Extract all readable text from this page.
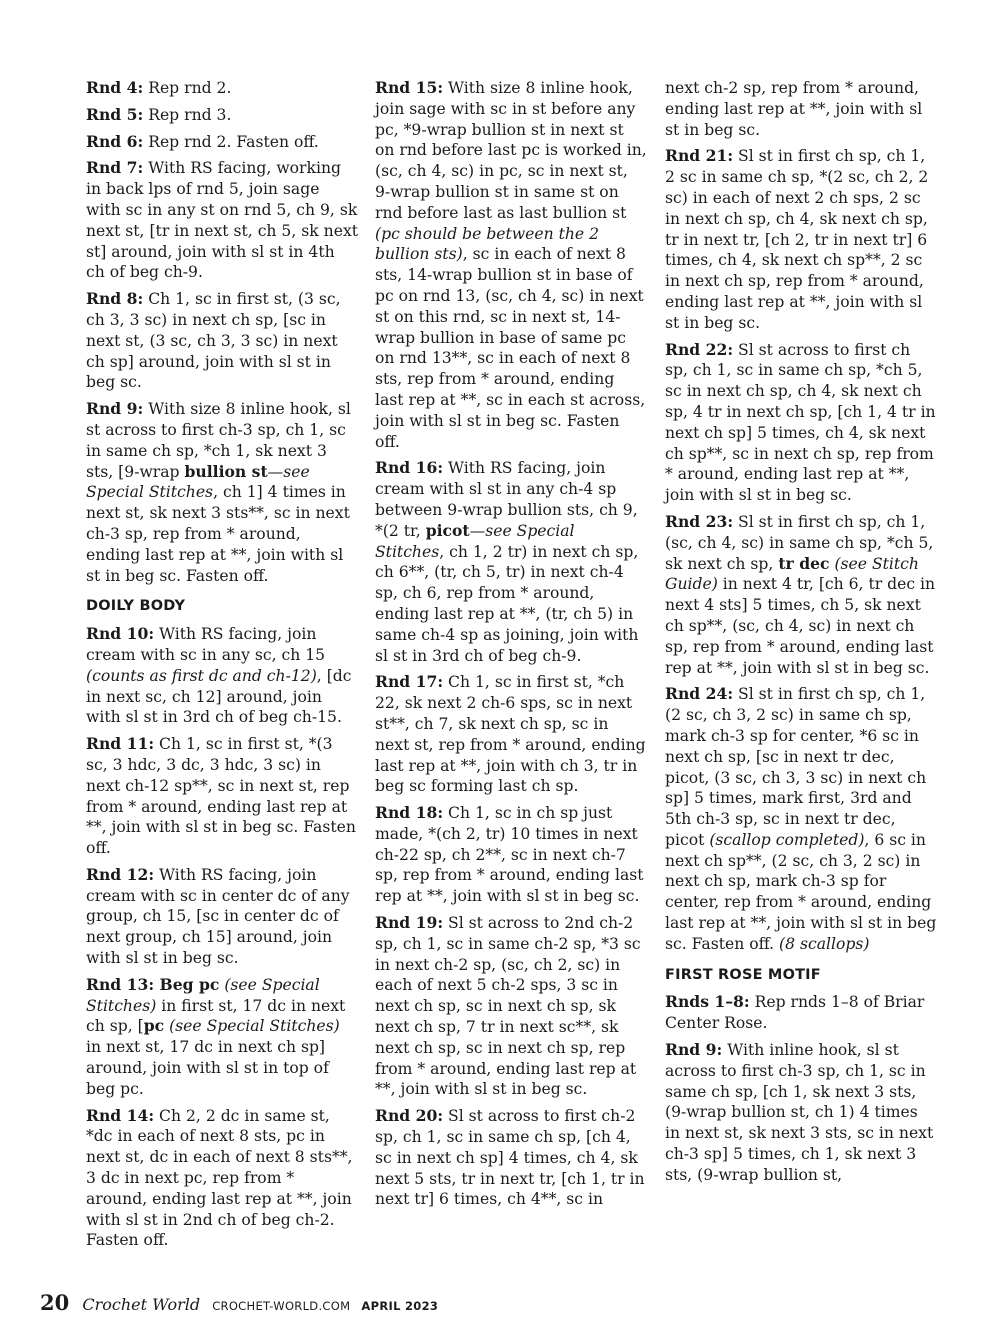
Rnd 4: Rep rnd 2.

Rnd 5: Rep rnd 3.

Rnd 6: Rep rnd 2. Fasten off.

Rnd 7: With RS facing, working in back lps of rnd 5, join sage with sc in any st on rnd 5, ch 9, sk next st, [tr in next st, ch 5, sk next st] around, join with sl st in 4th ch of beg ch-9.

Rnd 8: Ch 1, sc in first st, (3 sc, ch 3, 3 sc) in next ch sp, [sc in next st, (3 sc, ch 3, 3 sc) in next ch sp] around, join with sl st in beg sc.

Rnd 9: With size 8 inline hook, sl st across to first ch-3 sp, ch 1, sc in same ch sp, *ch 1, sk next 3 sts, [9-wrap bullion st—see Special Stitches, ch 1] 4 times in next st, sk next 3 sts**, sc in next ch-3 sp, rep from * around, ending last rep at **, join with sl st in beg sc. Fasten off.

DOILY BODY

Rnd 10: With RS facing, join cream with sc in any sc, ch 15 (counts as first dc and ch-12), [dc in next sc, ch 12] around, join with sl st in 3rd ch of beg ch-15.

Rnd 11: Ch 1, sc in first st, *(3 sc, 3 hdc, 3 dc, 3 hdc, 3 sc) in next ch-12 sp**, sc in next st, rep from * around, ending last rep at **, join with sl st in beg sc. Fasten off.

Rnd 12: With RS facing, join cream with sc in center dc of any group, ch 15, [sc in center dc of next group, ch 15] around, join with sl st in beg sc.

Rnd 13: Beg pc (see Special Stitches) in first st, 17 dc in next ch sp, [pc (see Special Stitches) in next st, 17 dc in next ch sp] around, join with sl st in top of beg pc.

Rnd 14: Ch 2, 2 dc in same st, *dc in each of next 8 sts, pc in next st, dc in each of next 8 sts**, 3 dc in next pc, rep from * around, ending last rep at **, join with sl st in 2nd ch of beg ch-2. Fasten off.

Rnd 15: With size 8 inline hook, join sage with sc in st before any pc, *9-wrap bullion st in next st on rnd before last pc is worked in, (sc, ch 4, sc) in pc, sc in next st, 9-wrap bullion st in same st on rnd before last as last bullion st (pc should be between the 2 bullion sts), sc in each of next 8 sts, 14-wrap bullion st in base of pc on rnd 13, (sc, ch 4, sc) in next st on this rnd, sc in next st, 14-wrap bullion in base of same pc on rnd 13**, sc in each of next 8 sts, rep from * around, ending last rep at **, sc in each st across, join with sl st in beg sc. Fasten off.

Rnd 16: With RS facing, join cream with sl st in any ch-4 sp between 9-wrap bullion sts, ch 9, *(2 tr, picot—see Special Stitches, ch 1, 2 tr) in next ch sp, ch 6**, (tr, ch 5, tr) in next ch-4 sp, ch 6, rep from * around, ending last rep at **, (tr, ch 5) in same ch-4 sp as joining, join with sl st in 3rd ch of beg ch-9.

Rnd 17: Ch 1, sc in first st, *ch 22, sk next 2 ch-6 sps, sc in next st**, ch 7, sk next ch sp, sc in next st, rep from * around, ending last rep at **, join with ch 3, tr in beg sc forming last ch sp.

Rnd 18: Ch 1, sc in ch sp just made, *(ch 2, tr) 10 times in next ch-22 sp, ch 2**, sc in next ch-7 sp, rep from * around, ending last rep at **, join with sl st in beg sc.

Rnd 19: Sl st across to 2nd ch-2 sp, ch 1, sc in same ch-2 sp, *3 sc in next ch-2 sp, (sc, ch 2, sc) in each of next 5 ch-2 sps, 3 sc in next ch sp, sc in next ch sp, sk next ch sp, 7 tr in next sc**, sk next ch sp, sc in next ch sp, rep from * around, ending last rep at **, join with sl st in beg sc.

Rnd 20: Sl st across to first ch-2 sp, ch 1, sc in same ch sp, [ch 4, sc in next ch sp] 4 times, ch 4, sk next 5 sts, tr in next tr, [ch 1, tr in next tr] 6 times, ch 4**, sc in

next ch-2 sp, rep from * around, ending last rep at **, join with sl st in beg sc.

Rnd 21: Sl st in first ch sp, ch 1, 2 sc in same ch sp, *(2 sc, ch 2, 2 sc) in each of next 2 ch sps, 2 sc in next ch sp, ch 4, sk next ch sp, tr in next tr, [ch 2, tr in next tr] 6 times, ch 4, sk next ch sp**, 2 sc in next ch sp, rep from * around, ending last rep at **, join with sl st in beg sc.

Rnd 22: Sl st across to first ch sp, ch 1, sc in same ch sp, *ch 5, sc in next ch sp, ch 4, sk next ch sp, 4 tr in next ch sp, [ch 1, 4 tr in next ch sp] 5 times, ch 4, sk next ch sp**, sc in next ch sp, rep from * around, ending last rep at **, join with sl st in beg sc.

Rnd 23: Sl st in first ch sp, ch 1, (sc, ch 4, sc) in same ch sp, *ch 5, sk next ch sp, tr dec (see Stitch Guide) in next 4 tr, [ch 6, tr dec in next 4 sts] 5 times, ch 5, sk next ch sp**, (sc, ch 4, sc) in next ch sp, rep from * around, ending last rep at **, join with sl st in beg sc.

Rnd 24: Sl st in first ch sp, ch 1, (2 sc, ch 3, 2 sc) in same ch sp, mark ch-3 sp for center, *6 sc in next ch sp, [sc in next tr dec, picot, (3 sc, ch 3, 3 sc) in next ch sp] 5 times, mark first, 3rd and 5th ch-3 sp, sc in next tr dec, picot (scallop completed), 6 sc in next ch sp**, (2 sc, ch 3, 2 sc) in next ch sp, mark ch-3 sp for center, rep from * around, ending last rep at **, join with sl st in beg sc. Fasten off. (8 scallops)

FIRST ROSE MOTIF

Rnds 1–8: Rep rnds 1–8 of Briar Center Rose.

Rnd 9: With inline hook, sl st across to first ch-3 sp, ch 1, sc in same ch sp, [ch 1, sk next 3 sts, (9-wrap bullion st, ch 1) 4 times in next st, sk next 3 sts, sc in next ch-3 sp] 5 times, ch 1, sk next 3 sts, (9-wrap bullion st,

20 Crochet World CROCHET-WORLD.COM APRIL 2023
